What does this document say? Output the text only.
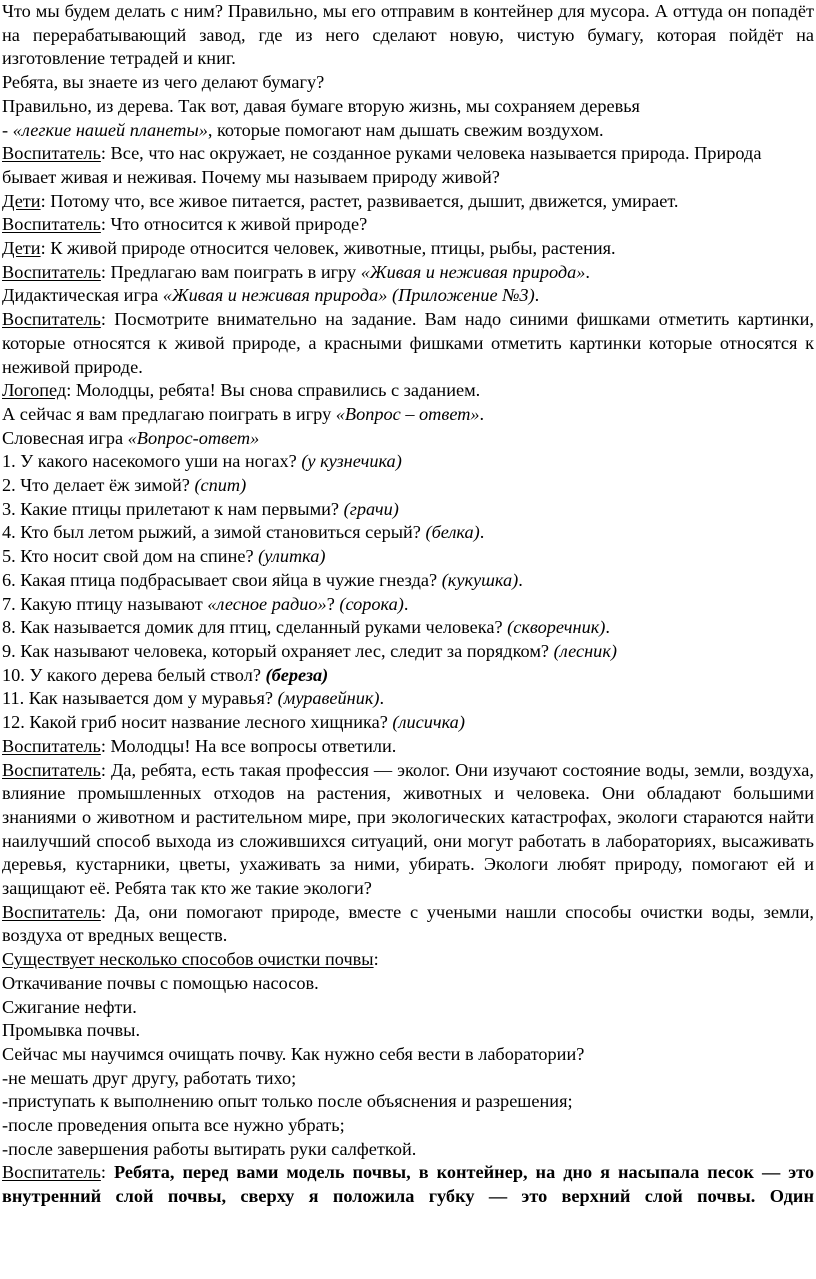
Что мы будем делать с ним? Правильно, мы его отправим в контейнер для мусора. А оттуда он попадёт на перерабатывающий завод, где из него сделают новую, чистую бумагу, которая пойдёт на изготовление тетрадей и книг.

Ребята, вы знаете из чего делают бумагу?

Правильно, из дерева. Так вот, давая бумаге вторую жизнь, мы сохраняем деревья

- «легкие нашей планеты», которые помогают нам дышать свежим воздухом.

Воспитатель: Все, что нас окружает, не созданное руками человека называется природа. Природа бывает живая и неживая. Почему мы называем природу живой?

Дети: Потому что, все живое питается, растет, развивается, дышит, движется, умирает.

Воспитатель: Что относится к живой природе?

Дети: К живой природе относится человек, животные, птицы, рыбы, растения.

Воспитатель: Предлагаю вам поиграть в игру «Живая и неживая природа».

Дидактическая игра «Живая и неживая природа» (Приложение №3).

Воспитатель: Посмотрите внимательно на задание. Вам надо синими фишками отметить картинки, которые относятся к живой природе, а красными фишками отметить картинки которые относятся к неживой природе.

Логопед: Молодцы, ребята! Вы снова справились с заданием.

А сейчас я вам предлагаю поиграть в игру «Вопрос – ответ».

Словесная игра «Вопрос-ответ»

1. У какого насекомого уши на ногах? (у кузнечика)

2. Что делает ёж зимой? (спит)

3. Какие птицы прилетают к нам первыми? (грачи)

4. Кто был летом рыжий, а зимой становиться серый? (белка).

5. Кто носит свой дом на спине? (улитка)

6. Какая птица подбрасывает свои яйца в чужие гнезда? (кукушка).

7. Какую птицу называют «лесное радио»? (сорока).

8. Как называется домик для птиц, сделанный руками человека? (скворечник).

9. Как называют человека, который охраняет лес, следит за порядком? (лесник)

10. У какого дерева белый ствол? (береза)

11. Как называется дом у муравья? (муравейник).

12. Какой гриб носит название лесного хищника? (лисичка)

Воспитатель: Молодцы! На все вопросы ответили.

Воспитатель: Да, ребята, есть такая профессия — эколог. Они изучают состояние воды, земли, воздуха, влияние промышленных отходов на растения, животных и человека. Они обладают большими знаниями о животном и растительном мире, при экологических катастрофах, экологи стараются найти наилучший способ выхода из сложившихся ситуаций, они могут работать в лабораториях, высаживать деревья, кустарники, цветы, ухаживать за ними, убирать. Экологи любят природу, помогают ей и защищают её. Ребята так кто же такие экологи?

Воспитатель: Да, они помогают природе, вместе с учеными нашли способы очистки воды, земли, воздуха от вредных веществ.

Существует несколько способов очистки почвы:

Откачивание почвы с помощью насосов.

Сжигание нефти.

Промывка почвы.

Сейчас мы научимся очищать почву. Как нужно себя вести в лаборатории?

-не мешать друг другу, работать тихо;

-приступать к выполнению опыт только после объяснения и разрешения;

-после проведения опыта все нужно убрать;

-после завершения работы вытирать руки салфеткой.

Воспитатель: Ребята, перед вами модель почвы, в контейнер, на дно я насыпала песок — это внутренний слой почвы, сверху я положила губку — это верхний слой почвы. Один
